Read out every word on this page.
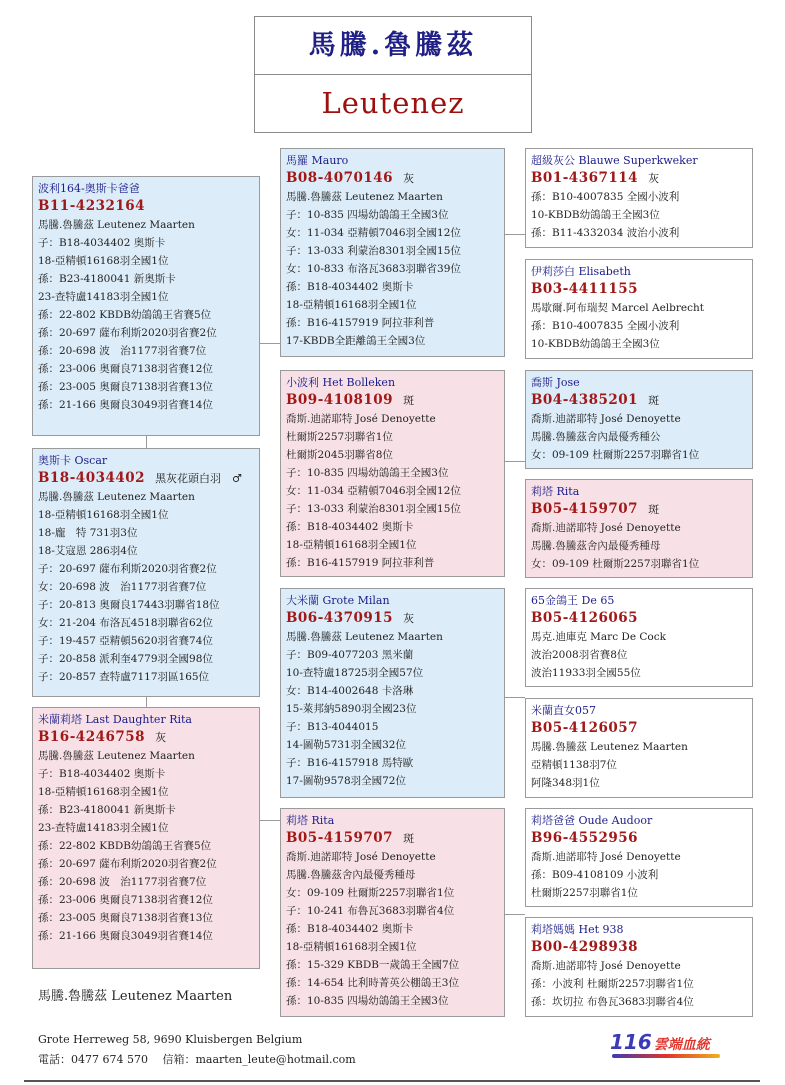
馬騰.魯騰茲
Leutenez
波利164-奥斯卡爸爸
B11-4232164
馬騰.魯騰茲 Leutenez Maarten
子：B18-4034402 奥斯卡
18-亞精頓16168羽全國1位
孫：B23-4180041 新奥斯卡
23-查特盧14183羽全國1位
孫：22-802 KBDB幼鴿鴿王省賽5位
孫：20-697 薩布利斯2020羽省賽2位
孫：20-698 波　治1177羽省賽7位
孫：23-006 奥爾良7138羽省賽12位
孫：23-005 奥爾良7138羽省賽13位
孫：21-166 奥爾良3049羽省賽14位
奥斯卡 Oscar
B18-4034402 黑灰花頭白羽　♂
馬騰.魯騰茲 Leutenez Maarten
18-亞精頓16168羽全國1位
18-龐　特 731羽3位
18-艾寇恩 286羽4位
子：20-697 薩布利斯2020羽省賽2位
女：20-698 波　治1177羽省賽7位
子：20-813 奥爾良17443羽聯省18位
女：21-204 布洛瓦4518羽聯省62位
子：19-457 亞精頓5620羽省賽74位
子：20-858 派利奎4779羽全國98位
子：20-857 查特盧7117羽區165位
米蘭莉塔 Last Daughter Rita
B16-4246758 灰
馬騰.魯騰茲 Leutenez Maarten
子：B18-4034402 奥斯卡
18-亞精頓16168羽全國1位
孫：B23-4180041 新奥斯卡
23-查特盧14183羽全國1位
孫：22-802 KBDB幼鴿鴿王省賽5位
孫：20-697 薩布利斯2020羽省賽2位
孫：20-698 波　治1177羽省賽7位
孫：23-006 奥爾良7138羽省賽12位
孫：23-005 奥爾良7138羽省賽13位
孫：21-166 奥爾良3049羽省賽14位
馬羅 Mauro
B08-4070146 灰
馬騰.魯騰茲 Leutenez Maarten
子：10-835 四場幼鴿鴿王全國3位
女：11-034 亞精頓7046羽全國12位
子：13-033 利蒙治8301羽全國15位
女：10-833 布洛瓦3683羽聯省39位
孫：B18-4034402 奥斯卡
18-亞精頓16168羽全國1位
孫：B16-4157919 阿拉菲利普
17-KBDB全距離鴿王全國3位
小波利 Het Bolleken
B09-4108109 斑
喬斯.迪諾耶特 José Denoyette
杜爾斯2257羽聯省1位
杜爾斯2045羽聯省8位
子：10-835 四場幼鴿鴿王全國3位
女：11-034 亞精頓7046羽全國12位
子：13-033 利蒙治8301羽全國15位
孫：B18-4034402 奥斯卡
18-亞精頓16168羽全國1位
孫：B16-4157919 阿拉菲利普
大米蘭 Grote Milan
B06-4370915 灰
馬騰.魯騰茲 Leutenez Maarten
子：B09-4077203 黑米蘭
10-查特盧18725羽全國57位
女：B14-4002648 卡洛琳
15-萊邦納5890羽全國23位
子：B13-4044015
14-圖勒5731羽全國32位
子：B16-4157918 馬特歐
17-圖勒9578羽全國72位
莉塔 Rita
B05-4159707 斑
喬斯.迪諾耶特 José Denoyette
馬騰.魯騰茲舍內最優秀種母
女：09-109 杜爾斯2257羽聯省1位
子：10-241 布魯瓦3683羽聯省4位
孫：B18-4034402 奥斯卡
18-亞精頓16168羽全國1位
孫：15-329 KBDB一歲鴿王全國7位
孫：14-654 比利時菁英公棚鴿王3位
孫：10-835 四場幼鴿鴿王全國3位
超級灰公 Blauwe Superkweker
B01-4367114 灰
孫：B10-4007835 全國小波利
10-KBDB幼鴿鴿王全國3位
孫：B11-4332034 波治小波利
伊莉莎白 Elisabeth
B03-4411155
馬歇爾.阿布瑞契 Marcel Aelbrecht
孫：B10-4007835 全國小波利
10-KBDB幼鴿鴿王全國3位
喬斯 Jose
B04-4385201 斑
喬斯.迪諾耶特 José Denoyette
馬騰.魯騰茲舍內最優秀種公
女：09-109 杜爾斯2257羽聯省1位
莉塔 Rita
B05-4159707 斑
喬斯.迪諾耶特 José Denoyette
馬騰.魯騰茲舍內最優秀種母
女：09-109 杜爾斯2257羽聯省1位
65金鴿王 De 65
B05-4126065
馬克.迪庫克 Marc De Cock
波治2008羽省賽8位
波治11933羽全國55位
米蘭直女057
B05-4126057
馬騰.魯騰茲 Leutenez Maarten
亞精頓1138羽7位
阿隆348羽1位
莉塔爸爸 Oude Audoor
B96-4552956
喬斯.迪諾耶特 José Denoyette
孫：B09-4108109 小波利
杜爾斯2257羽聯省1位
莉塔媽媽 Het 938
B00-4298938
喬斯.迪諾耶特 José Denoyette
孫：小波利 杜爾斯2257羽聯省1位
孫：坎切拉 布魯瓦3683羽聯省4位
馬騰.魯騰茲 Leutenez Maarten
Grote Herreweg 58, 9690 Kluisbergen Belgium
電話：0477 674 570　 信箱：maarten_leute@hotmail.com
116 雲端血統
